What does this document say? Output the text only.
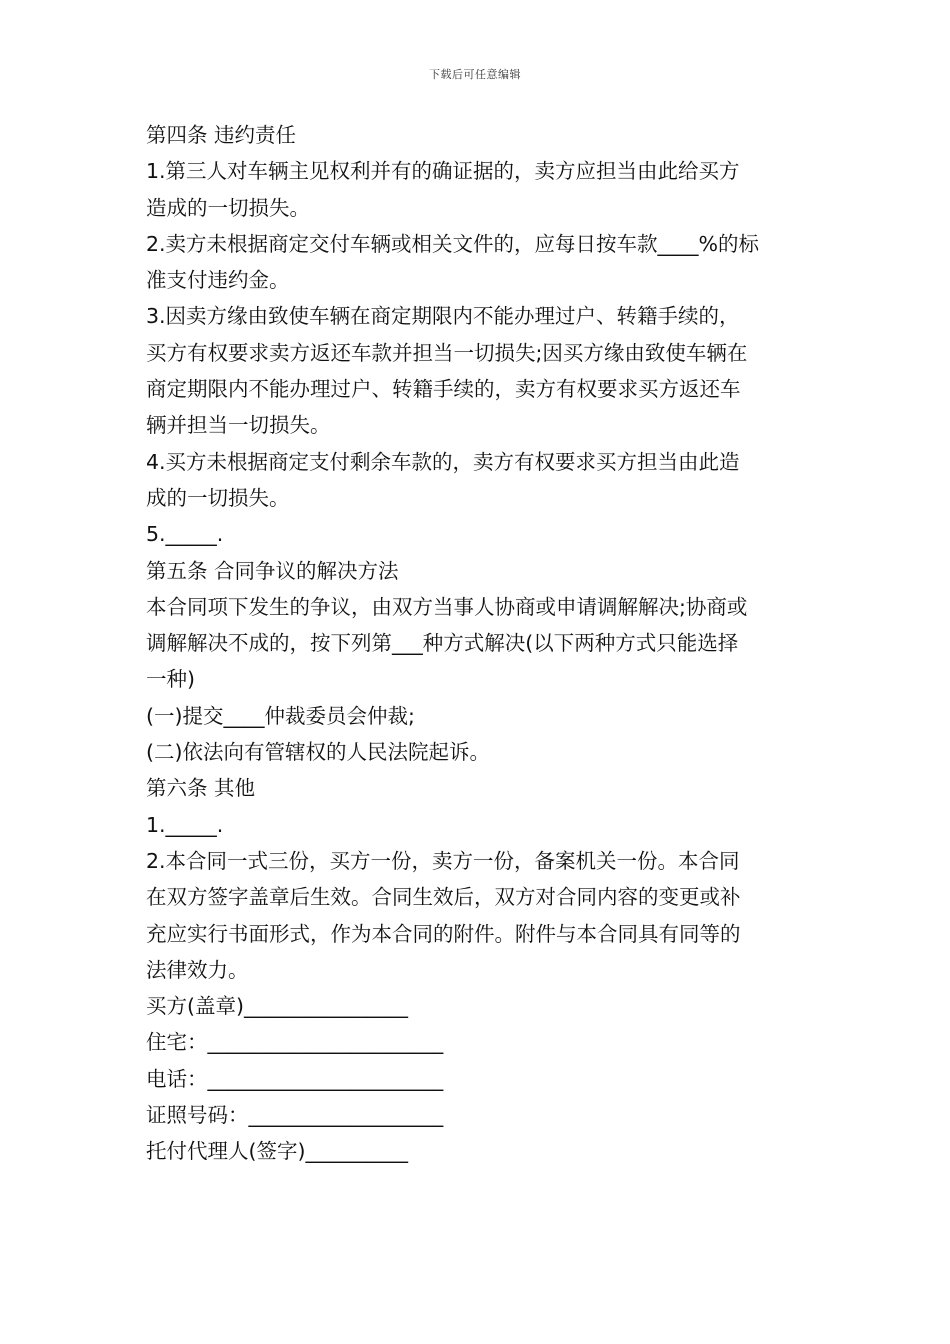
下载后可任意编辑
第四条 违约责任
1.第三人对车辆主见权利并有的确证据的，卖方应担当由此给买方
造成的一切损失。
2.卖方未根据商定交付车辆或相关文件的，应每日按车款____%的标
准支付违约金。
3.因卖方缘由致使车辆在商定期限内不能办理过户、转籍手续的，
买方有权要求卖方返还车款并担当一切损失;因买方缘由致使车辆在
商定期限内不能办理过户、转籍手续的，卖方有权要求买方返还车
辆并担当一切损失。
4.买方未根据商定支付剩余车款的，卖方有权要求买方担当由此造
成的一切损失。
5._____.
第五条 合同争议的解决方法
本合同项下发生的争议，由双方当事人协商或申请调解解决;协商或
调解解决不成的，按下列第___种方式解决(以下两种方式只能选择
一种)
(一)提交____仲裁委员会仲裁;
(二)依法向有管辖权的人民法院起诉。
第六条 其他
1._____.
2.本合同一式三份，买方一份，卖方一份，备案机关一份。本合同
在双方签字盖章后生效。合同生效后，双方对合同内容的变更或补
充应实行书面形式，作为本合同的附件。附件与本合同具有同等的
法律效力。
买方(盖章)________________
住宅：_______________________
电话：_______________________
证照号码：___________________
托付代理人(签字)__________
